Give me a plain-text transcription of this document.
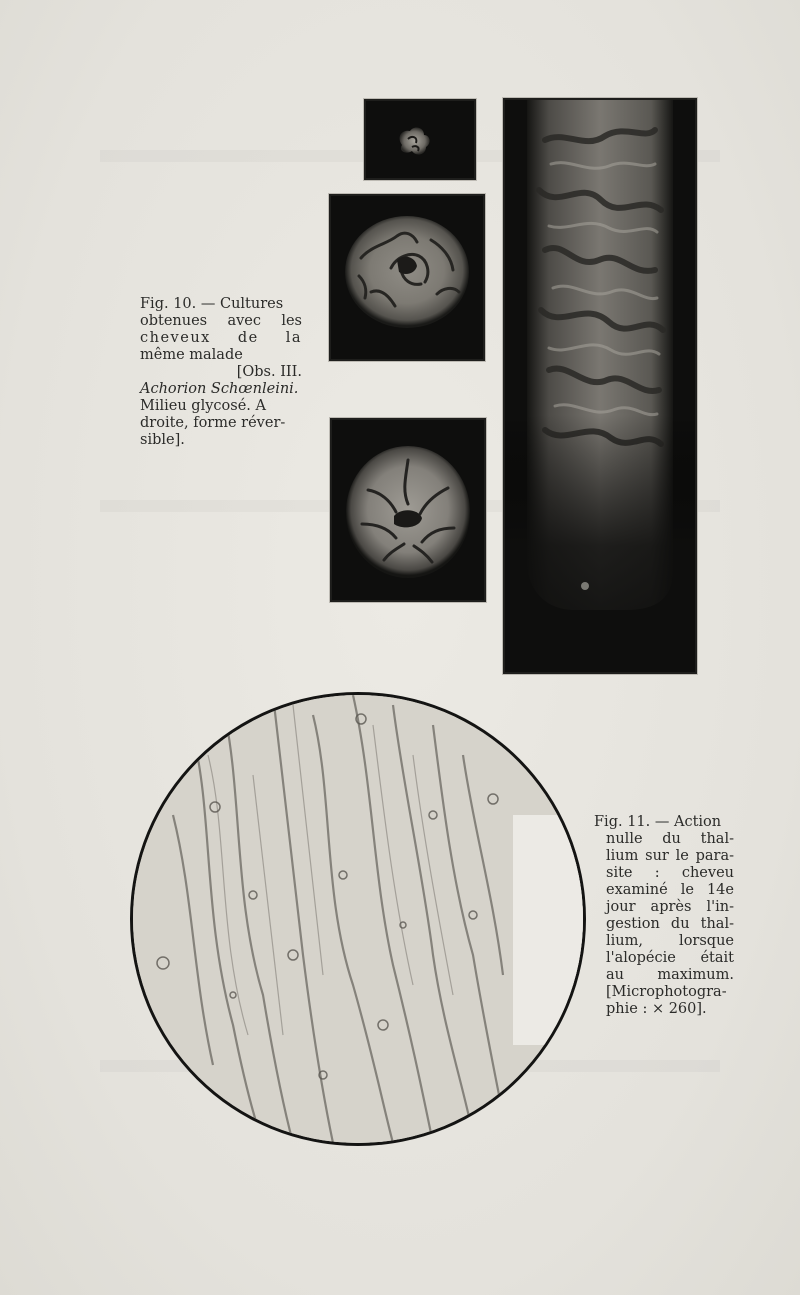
Fig. 10. — Cultures
obtenues avec les
cheveux de la
même malade
[Obs. III.
Achorion Schœnleini.
Milieu glycosé. A
droite, forme réver-
sible].
Fig. 11. — Action
nulle du thal-
lium sur le para-
site : cheveu
examiné le 14e
jour après l'in-
gestion du thal-
lium, lorsque
l'alopécie était
au maximum.
[Microphotogra-
phie : ⨯ 260].
